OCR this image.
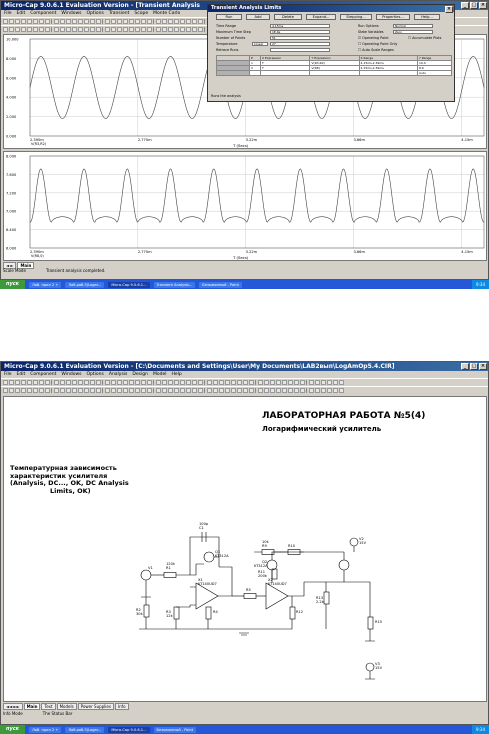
Micro-Cap 9.0.6.1 Evaluation Version - [Transient Analysis	_	□ ×
File Edit Component Windows Options Transient Scope Monte Carlo
10.000
8.000
6.000
4.000
2.000
0.000
2.390m	2.770m	3.22m	3.66m	4.15m
V(R3,R2)	T (Secs)
8.000
7.600
7.200
7.000
6.400
6.000
2.390m	2.770m	3.22m	3.66m	4.15m
V(R8,0)	T (Secs)
◄ ►	Main
Scale Mode	Transient analysis completed.
Transient Analysis Limits	×
Run	Add	Delete	Expand...	Stepping...	Properties...	Help...
Time Range	4.15ms
Maximum Time Step	1E-6s
Number of Points	51
Temperature	Linear	27
Retrace Runs
Run Options	Normal
State Variables	Zero
☑ Operating Point	☐ Accumulate Plots
☐ Operating Point Only
☐ Auto Scale Ranges
	P	X Expression	Y Expression	X Range	Y Range
	1	T	V(R3,R2)	4.15ms,2.39ms	10,0
	2	T	V(R8)	4.15ms,2.39ms	8,6
					Auto
Runs the analysis
пуск	Лаб. прил 2 +	Лаб.раб.5(Logar...	Micro-Cap 9.0.6.1...	Transient Analysis...	Безымянный - Paint	9:34
Micro-Cap 9.0.6.1 Evaluation Version - [C:\Documents and Settings\User\My Documents\LAB2вып\LogAmOp5.4.CIR]	_	□ ×
File Edit Component Windows Options Analysis Design Model Help
ЛАБОРАТОРНАЯ РАБОТА №5(4)
Логарифмический усилитель
Температурная зависимость
характеристик усилителя
(Analysis, DC..., OK, DC Analysis
Limits, OK)
V1	R1
120k
C1
100p
Q1
KT312A
X1
KT140UD7
R2
30k	R3
12k
R4
R5
R9
10k
R10
R11
200k
R12
R13
2.2k
Q2
KT312A
X2
KT140UD7
V2
15V
V3
15V
R15
◄◄ ►►	Main	Text	Models	Power Supplies	Info
Info Mode	The Status Bar
пуск	Лаб. прил 2 +	Лаб.раб.5(Logar...	Micro-Cap 9.0.6.1...	Безымянный - Paint	9:34
